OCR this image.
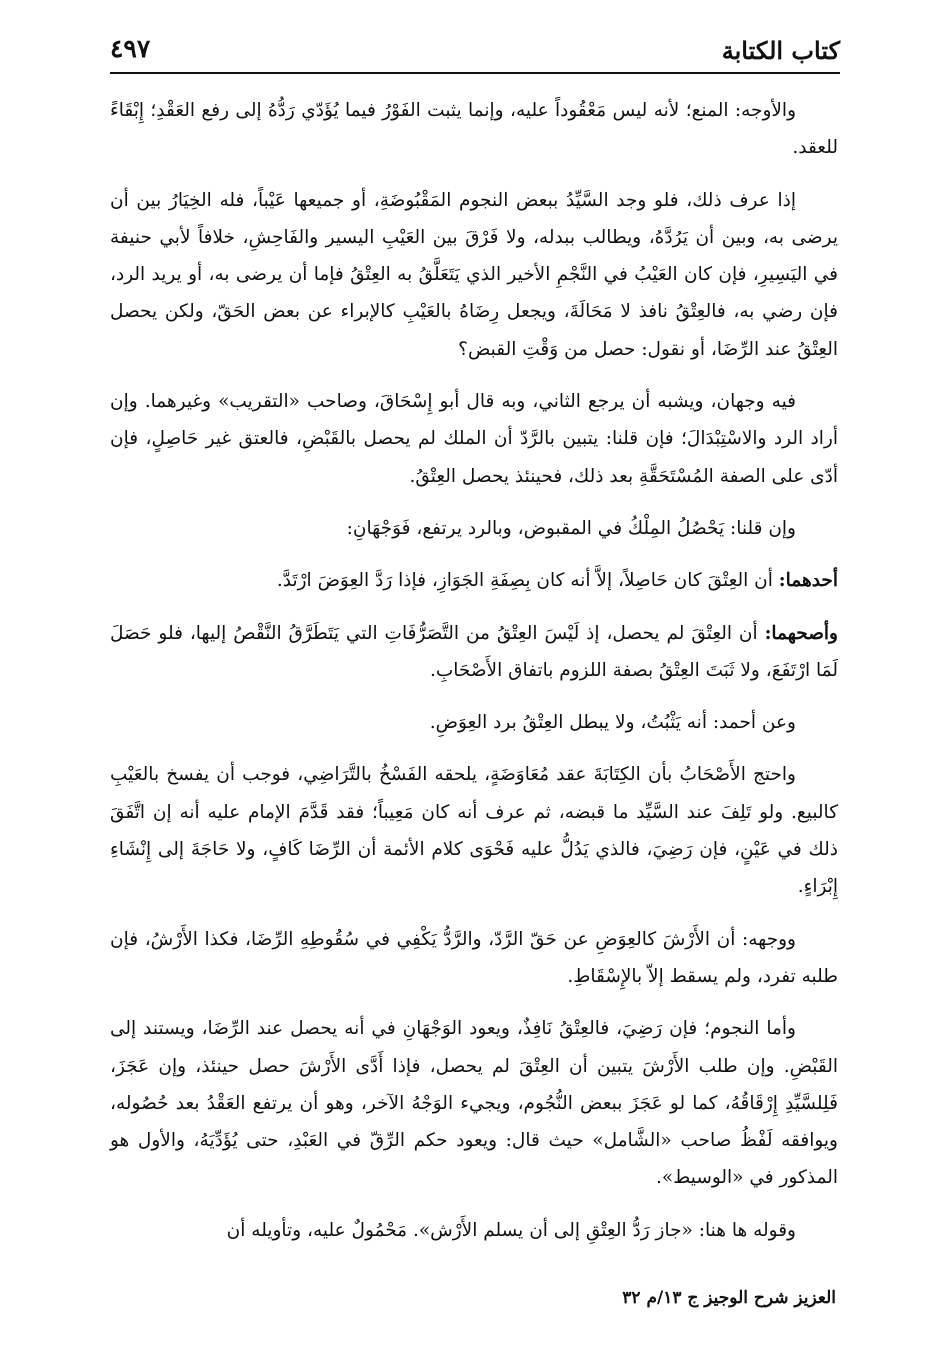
كتاب الكتابة
٤٩٧

والأوجه: المنع؛ لأنه ليس مَعْقُوداً عليه، وإنما يثبت الفَوْرُ فيما يُؤَدّي رَدُّهُ إلى رفع العَقْدِ؛ إِبْقَاءً للعقد.

إذا عرف ذلك، فلو وجد السَّيِّدُ ببعض النجوم المَقْبُوضَةِ، أو جميعها عَيْباً، فله الخِيَارُ بين أن يرضى به، وبين أن يَرُدَّهُ، ويطالب ببدله، ولا فَرْقَ بين العَيْبِ اليسير والفَاحِشِ، خلافاً لأبي حنيفة في اليَسِيرِ، فإن كان العَيْبُ في النَّجْمِ الأخير الذي يَتَعَلَّقُ به العِتْقُ فإما أن يرضى به، أو يريد الرد، فإن رضي به، فالعِتْقُ نافذ لا مَحَالَةَ، ويجعل رِضَاهُ بالعَيْبِ كالإبراء عن بعض الحَقّ، ولكن يحصل العِتْقُ عند الرِّضَا، أو نقول: حصل من وَقْتِ القبض؟

فيه وجهان، ويشبه أن يرجع الثاني، وبه قال أبو إِسْحَاقَ، وصاحب «التقريب» وغيرهما. وإن أراد الرد والاسْتِبْدَالَ؛ فإن قلنا: يتبين بالرَّدّ أن الملك لم يحصل بالقَبْضِ، فالعتق غير حَاصِلٍ، فإن أدّى على الصفة المُسْتَحَقَّةِ بعد ذلك، فحينئذ يحصل العِتْقُ.

وإن قلنا: يَحْصُلُ المِلْكُ في المقبوض، وبالرد يرتفع، فَوَجْهَانِ:

أحدهما: أن العِتْقَ كان حَاصِلاً، إلاَّ أنه كان بِصِفَةِ الجَوَازِ، فإذا رَدَّ العِوَضَ ارْتَدَّ.

وأصحهما: أن العِتْقَ لم يحصل، إذ لَيْسَ العِتْقُ من التَّصَرُّفَاتِ التي يَتَطَرَّقُ النَّقْصُ إليها، فلو حَصَلَ لَمَا ارْتَفَعَ، ولا ثَبَتَ العِتْقُ بصفة اللزوم باتفاق الأَصْحَابِ.

وعن أحمد: أنه يَثْبُتُ، ولا يبطل العِتْقُ برد العِوَضِ.

واحتج الأَصْحَابُ بأن الكِتَابَةَ عقد مُعَاوَضَةٍ، يلحقه الفَسْخُ بالتَّرَاضِي، فوجب أن يفسخ بالعَيْبِ كالبيع. ولو تَلِفَ عند السَّيِّد ما قبضه، ثم عرف أنه كان مَعِيباً؛ فقد قَدَّمَ الإمام عليه أنه إن اتَّفَقَ ذلك في عَيْنٍ، فإن رَضِيَ، فالذي يَدُلُّ عليه فَحْوَى كلام الأئمة أن الرِّضَا كَافٍ، ولا حَاجَةَ إلى إِنْشَاءِ إِبْرَاءٍ.

ووجهه: أن الأَرْشَ كالعِوَضِ عن حَقّ الرَّدّ، والرَّدُّ يَكْفِي في سُقُوطِهِ الرِّضَا، فكذا الأَرْشُ، فإن طلبه تفرد، ولم يسقط إلاّ بالإِسْقَاطِ.

وأما النجوم؛ فإن رَضِيَ، فالعِتْقُ نَافِذٌ، ويعود الوَجْهَانِ في أنه يحصل عند الرِّضَا، ويستند إلى القَبْضِ. وإن طلب الأَرْشَ يتبين أن العِتْقَ لم يحصل، فإذا أَدَّى الأَرْشَ حصل حينئذ، وإن عَجَزَ، فَلِلسَّيِّدِ إِرْقَاقُهُ، كما لو عَجَزَ ببعض النُّجُوم، ويجيء الوَجْهُ الآخر، وهو أن يرتفع العَقْدُ بعد حُصُوله، ويوافقه لَفْظُ صاحب «الشَّامل» حيث قال: ويعود حكم الرِّقّ في العَبْدِ، حتى يُؤَدِّيَهُ، والأول هو المذكور في «الوسيط».

وقوله ها هنا: «جاز رَدُّ العِتْقِ إلى أن يسلم الأَرْش». مَحْمُولٌ عليه، وتأويله أن

العزيز شرح الوجيز ج ١٣/م ٣٢
